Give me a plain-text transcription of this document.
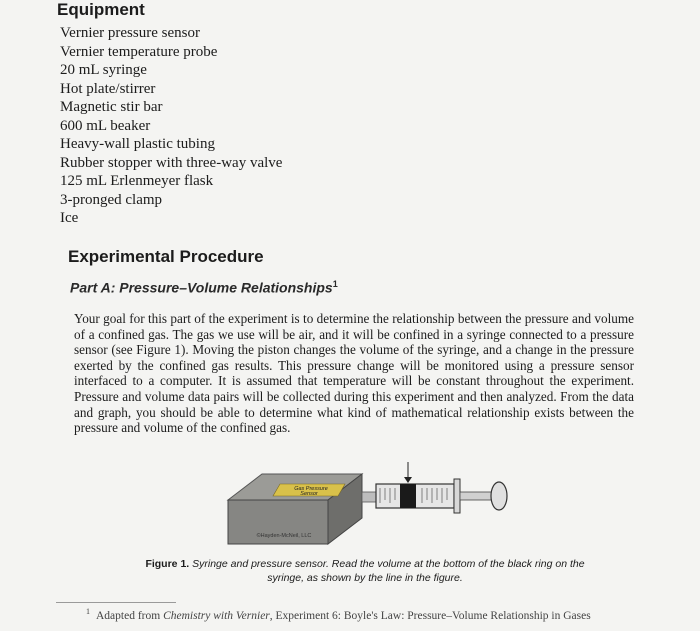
Equipment
Vernier pressure sensor
Vernier temperature probe
20 mL syringe
Hot plate/stirrer
Magnetic stir bar
600 mL beaker
Heavy-wall plastic tubing
Rubber stopper with three-way valve
125 mL Erlenmeyer flask
3-pronged clamp
Ice
Experimental Procedure
Part A: Pressure–Volume Relationships$^1$

Your goal for this part of the experiment is to determine the relationship between the pressure and volume of a confined gas. The gas we use will be air, and it will be confined in a syringe connected to a pressure sensor (see Figure 1). Moving the piston changes the volume of the syringe, and a change in the pressure exerted by the confined gas results. This pressure change will be monitored using a pressure sensor interfaced to a computer. It is assumed that temperature will be constant throughout the experiment. Pressure and volume data pairs will be collected during this experiment and then analyzed. From the data and graph, you should be able to determine what kind of mathematical relationship exists between the pressure and volume of the confined gas.

Gas Pressure
Sensor
©Hayden-McNeil, LLC
Figure 1. Syringe and pressure sensor. Read the volume at the bottom of the black ring on the syringe, as shown by the line in the figure.
$^1$ Adapted from Chemistry with Vernier, Experiment 6: Boyle's Law: Pressure–Volume Relationship in Gases
